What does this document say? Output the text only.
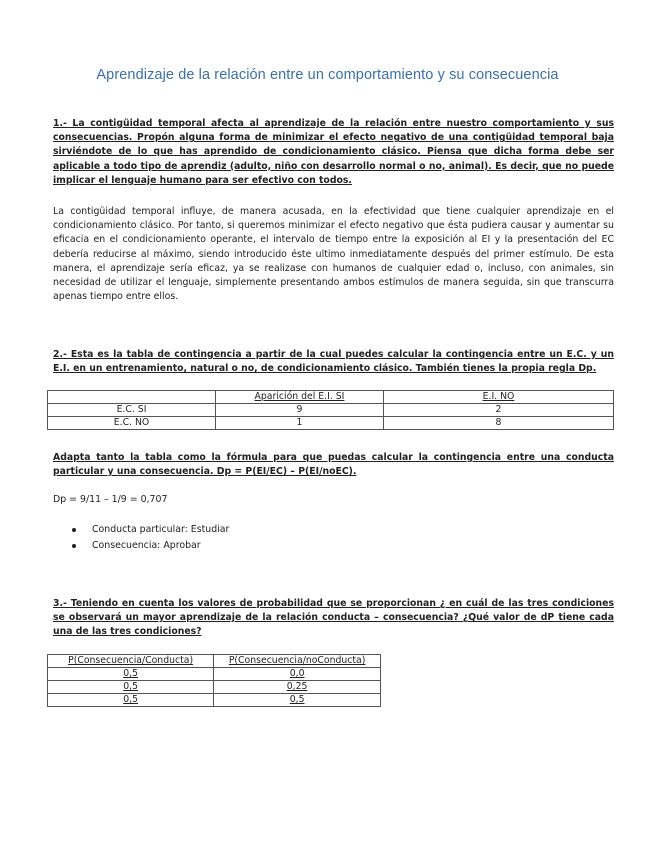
Aprendizaje de la relación entre un comportamiento y su consecuencia
1.- La contigüidad temporal afecta al aprendizaje de la relación entre nuestro comportamiento y sus consecuencias. Propón alguna forma de minimizar el efecto negativo de una contigüidad temporal baja sirviéndote de lo que has aprendido de condicionamiento clásico. Piensa que dicha forma debe ser aplicable a todo tipo de aprendiz (adulto, niño con desarrollo normal o no, animal). Es decir, que no puede implicar el lenguaje humano para ser efectivo con todos.
La contigüidad temporal influye, de manera acusada, en la efectividad que tiene cualquier aprendizaje en el condicionamiento clásico. Por tanto, si queremos minimizar el efecto negativo que ésta pudiera causar y aumentar su eficacia en el condicionamiento operante, el intervalo de tiempo entre la exposición al EI y la presentación del EC debería reducirse al máximo, siendo introducido éste ultimo inmediatamente después del primer estímulo. De esta manera, el aprendizaje sería eficaz, ya se realizase con humanos de cualquier edad o, incluso, con animales, sin necesidad de utilizar el lenguaje, simplemente presentando ambos estímulos de manera seguida, sin que transcurra apenas tiempo entre ellos.
2.- Esta es la tabla de contingencia a partir de la cual puedes calcular la contingencia entre un E.C. y un E.I. en un entrenamiento, natural o no, de condicionamiento clásico. También tienes la propia regla Dp.
	Aparición del E.I. SI	E.I. NO
E.C. SI	9	2
E.C. NO	1	8
Adapta tanto la tabla como la fórmula para que puedas calcular la contingencia entre una conducta particular y una consecuencia. Dp = P(EI/EC) – P(EI/noEC).
Dp = 9/11 – 1/9 = 0,707
Conducta particular: Estudiar
Consecuencia: Aprobar
3.- Teniendo en cuenta los valores de probabilidad que se proporcionan ¿ en cuál de las tres condiciones se observará un mayor aprendizaje de la relación conducta – consecuencia? ¿Qué valor de dP tiene cada una de las tres condiciones?
P(Consecuencia/Conducta)	P(Consecuencia/noConducta)
0,5	0,0
0,5	0,25
0,5	0,5
